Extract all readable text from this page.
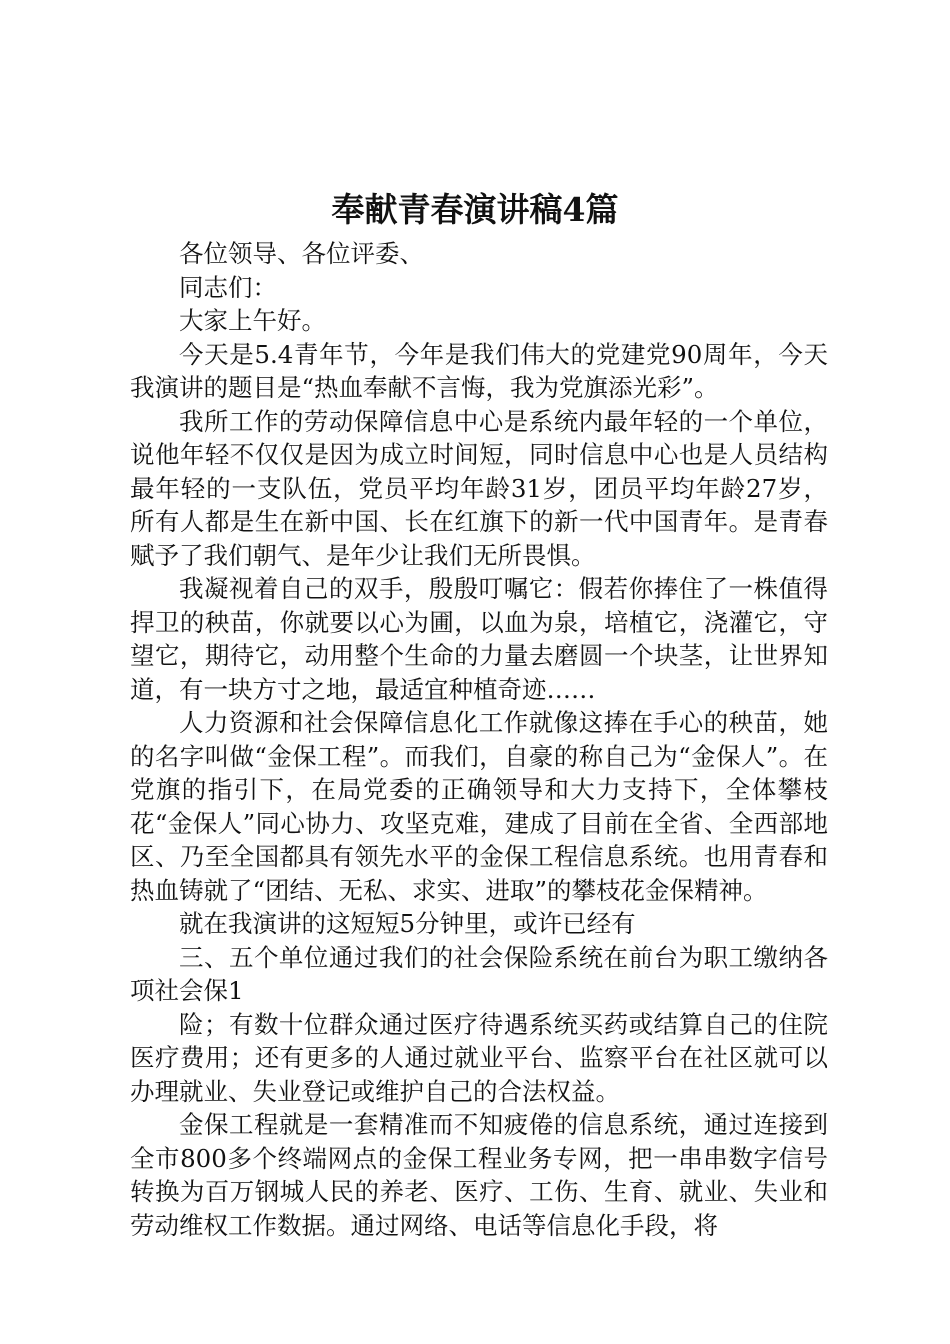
奉献青春演讲稿4篇

各位领导、各位评委、

同志们：

大家上午好。

今天是5.4青年节，今年是我们伟大的党建党90周年，今天我演讲的题目是“热血奉献不言悔，我为党旗添光彩”。

我所工作的劳动保障信息中心是系统内最年轻的一个单位，说他年轻不仅仅是因为成立时间短，同时信息中心也是人员结构最年轻的一支队伍，党员平均年龄31岁，团员平均年龄27岁，所有人都是生在新中国、长在红旗下的新一代中国青年。是青春赋予了我们朝气、是年少让我们无所畏惧。

我凝视着自己的双手，殷殷叮嘱它：假若你捧住了一株值得捍卫的秧苗，你就要以心为圃，以血为泉，培植它，浇灌它，守望它，期待它，动用整个生命的力量去磨圆一个块茎，让世界知道，有一块方寸之地，最适宜种植奇迹……

人力资源和社会保障信息化工作就像这捧在手心的秧苗，她的名字叫做“金保工程”。而我们，自豪的称自己为“金保人”。在党旗的指引下，在局党委的正确领导和大力支持下，全体攀枝花“金保人”同心协力、攻坚克难，建成了目前在全省、全西部地区、乃至全国都具有领先水平的金保工程信息系统。也用青春和热血铸就了“团结、无私、求实、进取”的攀枝花金保精神。

就在我演讲的这短短5分钟里，或许已经有

三、五个单位通过我们的社会保险系统在前台为职工缴纳各项社会保1

险；有数十位群众通过医疗待遇系统买药或结算自己的住院医疗费用；还有更多的人通过就业平台、监察平台在社区就可以办理就业、失业登记或维护自己的合法权益。

金保工程就是一套精准而不知疲倦的信息系统，通过连接到全市800多个终端网点的金保工程业务专网，把一串串数字信号转换为百万钢城人民的养老、医疗、工伤、生育、就业、失业和劳动维权工作数据。通过网络、电话等信息化手段，将
